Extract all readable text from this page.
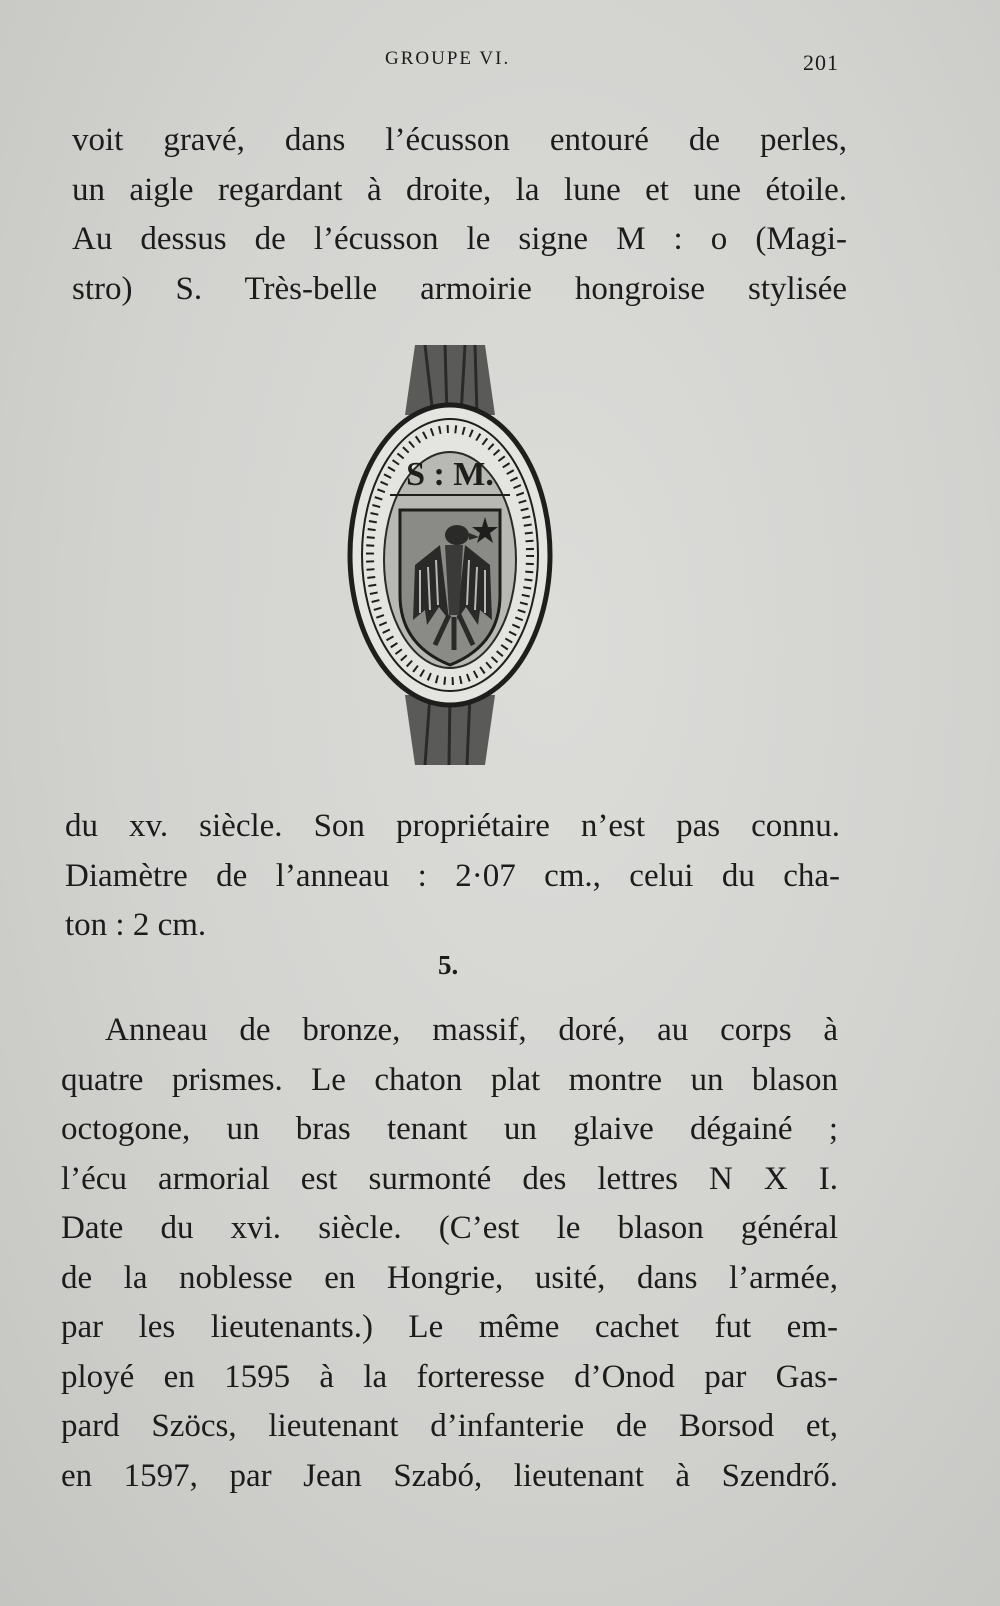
GROUPE VI.	201
voit gravé, dans l’écusson entouré de perles,
un aigle regardant à droite, la lune et une étoile.
Au dessus de l’écusson le signe M : o (Magi-
stro) S. Très-belle armoirie hongroise stylisée
S : M.
du xv. siècle. Son propriétaire n’est pas connu.
Diamètre de l’anneau : 2·07 cm., celui du cha-
ton : 2 cm.
5.
Anneau de bronze, massif, doré, au corps à
quatre prismes. Le chaton plat montre un blason
octogone, un bras tenant un glaive dégainé ;
l’écu armorial est surmonté des lettres N X I.
Date du xvi. siècle. (C’est le blason général
de la noblesse en Hongrie, usité, dans l’armée,
par les lieutenants.) Le même cachet fut em-
ployé en 1595 à la forteresse d’Onod par Gas-
pard Szöcs, lieutenant d’infanterie de Borsod et,
en 1597, par Jean Szabó, lieutenant à Szendrő.
